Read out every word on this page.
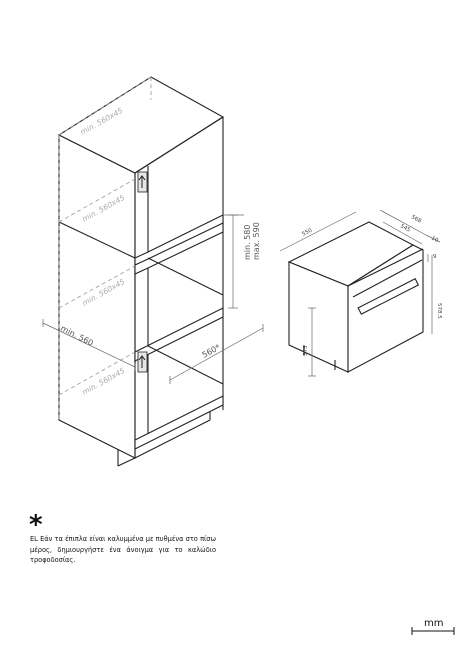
min. 560x45
min. 560x45
min. 560x45
min. 560x45
min. 580 max. 590
min. 560
560*
550
568
545
10
9
578.5
575
*
EL Εάν τα έπιπλα είναι καλυμμένα με πυθμένα στο πίσω μέρος, δημιουργήστε ένα άνοιγμα για το καλώδιο τροφοδοσίας.
mm
